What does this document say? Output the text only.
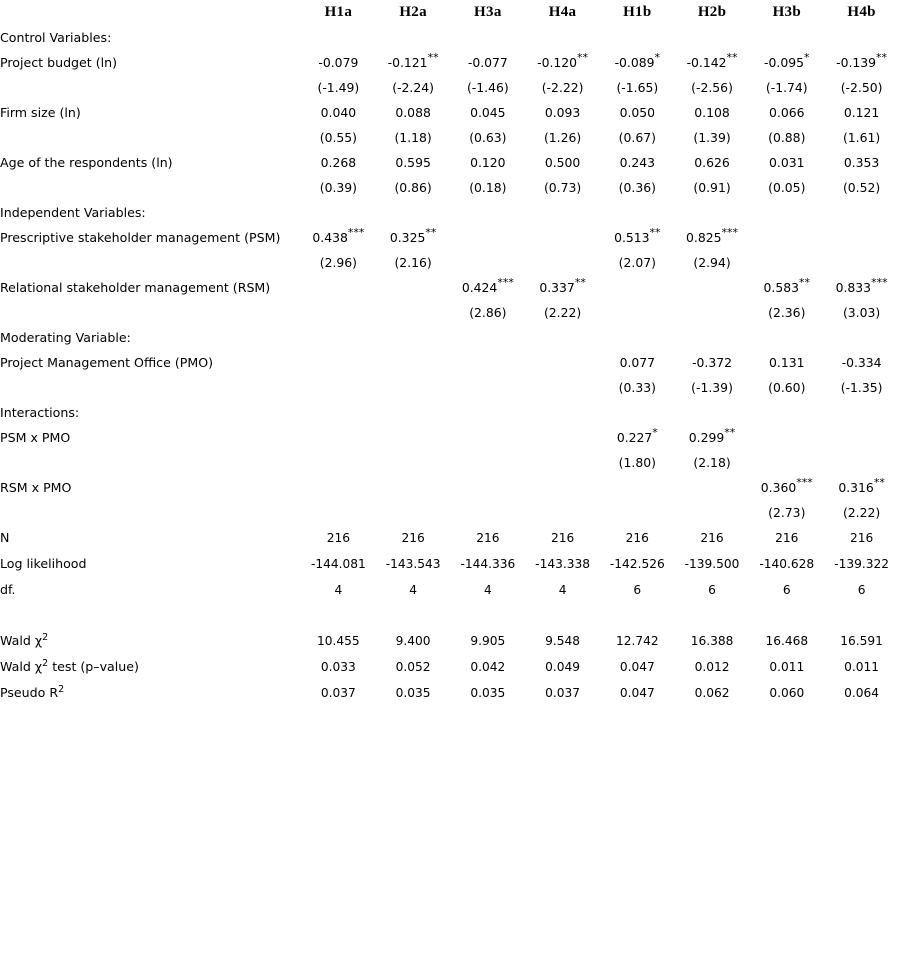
	H1a	H2a	H3a	H4a	H1b	H2b	H3b	H4b
Control Variables:								
Project budget (ln)	-0.079	-0.121**	-0.077	-0.120**	-0.089*	-0.142**	-0.095*	-0.139**
	(-1.49)	(-2.24)	(-1.46)	(-2.22)	(-1.65)	(-2.56)	(-1.74)	(-2.50)
Firm size (ln)	0.040	0.088	0.045	0.093	0.050	0.108	0.066	0.121
	(0.55)	(1.18)	(0.63)	(1.26)	(0.67)	(1.39)	(0.88)	(1.61)
Age of the respondents (ln)	0.268	0.595	0.120	0.500	0.243	0.626	0.031	0.353
	(0.39)	(0.86)	(0.18)	(0.73)	(0.36)	(0.91)	(0.05)	(0.52)
Independent Variables:								
Prescriptive stakeholder management (PSM)	0.438***	0.325**			0.513**	0.825***		
	(2.96)	(2.16)			(2.07)	(2.94)		
Relational stakeholder management (RSM)			0.424***	0.337**			0.583**	0.833***
			(2.86)	(2.22)			(2.36)	(3.03)
Moderating Variable:								
Project Management Office (PMO)					0.077	-0.372	0.131	-0.334
					(0.33)	(-1.39)	(0.60)	(-1.35)
Interactions:								
PSM x PMO					0.227*	0.299**		
					(1.80)	(2.18)		
RSM x PMO							0.360***	0.316**
							(2.73)	(2.22)
N	216	216	216	216	216	216	216	216
Log likelihood	-144.081	-143.543	-144.336	-143.338	-142.526	-139.500	-140.628	-139.322
df.	4	4	4	4	6	6	6	6

Wald $\chi^2$	10.455	9.400	9.905	9.548	12.742	16.388	16.468	16.591
Wald $\chi^2$ test (p–value)	0.033	0.052	0.042	0.049	0.047	0.012	0.011	0.011
Pseudo $R^2$	0.037	0.035	0.035	0.037	0.047	0.062	0.060	0.064
